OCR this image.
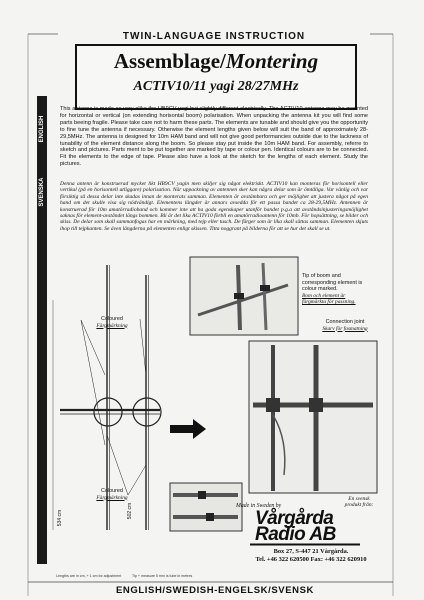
TWIN-LANGUAGE INSTRUCTION
Assemblage/Montering
ACTIV10/11 yagi 28/27MHz
ENGLISH
SVENSKA
This antenna is made as very alike the HB9CV yagi but slightly different electrically. The ACTIV10 antenna may be mounted for horizontal or vertical (on extending horisontal boom) polarisation. When unpacking the antenna kit you will find some parts beeing fragile. Please take care not to harm these parts. The elements are tunable and should give you the opportunity to fine tune the antenna if necessary. Otherwise the element lengths given below will suit the band of approximately 28-29,5MHz. The antenna is designed for 10m HAM band and will not give good performancies outside due to the lackness of tunability of the element distance along the boom. So please stay put inside the 10m HAM band. For assembly, referre to sketch and pictures. Parts ment to be put together are marked by tape or colour pen. Identical colours are to be connected. Fit the elements to the edge of tape. Please also have a look at the sketch for the lengths of each element. Study the pictures.
Denna antenn är konstruerad mycket likt HB9CV yagin men skiljer sig något elektriskt. ACTIV10 kan monteras för horisontell eller vertikal (på en horisontell utliggare) polarisation. När uppackning av antennen sker kan några delar som är ömtåliga. Var vänlig och var försiktig så dessa delar inte skadas innan de monterats samman. Elementen är avstämbara och ger möjlighet att justera något på egen hand om det skulle visa sig nödvändigt. Elementens längder är annars avsedda för ett passa bandet ca 28-29,5MHz. Antennen är konstruerad för 10m amatörradioband och kommer inte att ha goda egenskaper utanför bandet p.g.a att avståndsinjusteringsmöjlighet saknas för element-avståndet längs bommen. Bli är det lika ACTIV10 förbli en amatörradioantenn för 10mb. För hopsättning, se bilder och skiss. De delar som skall sammanfogas har en märkning, med tejp eller tusch. De färger som är lika skall sättas samman. Elementen skjuts ihop till tejpkanten. Se även längderna på elementen enligt skissen. Titta noggrant på bilderna för att se hur det skall se ut.
Coloured
Färgmärkning
Coloured
Färgmärkning
534 cm	502 cm
Tip of boom and corresponding element is colour marked.
Bom och element är färgmärkta för passning.
Connection joint
Skarv för fasmatning
Lengths are in cm, + 1 cm for adjustment	Tip + measure 5 mm is tube in metres
Made in Sweden by
En svensk
produkt från:
Vårgårda
Radio AB
Box 27, S-447 21 Vårgårda.
Tel. +46 322 620500 Fax: +46 322 620910
ENGLISH/SWEDISH-ENGELSK/SVENSK
